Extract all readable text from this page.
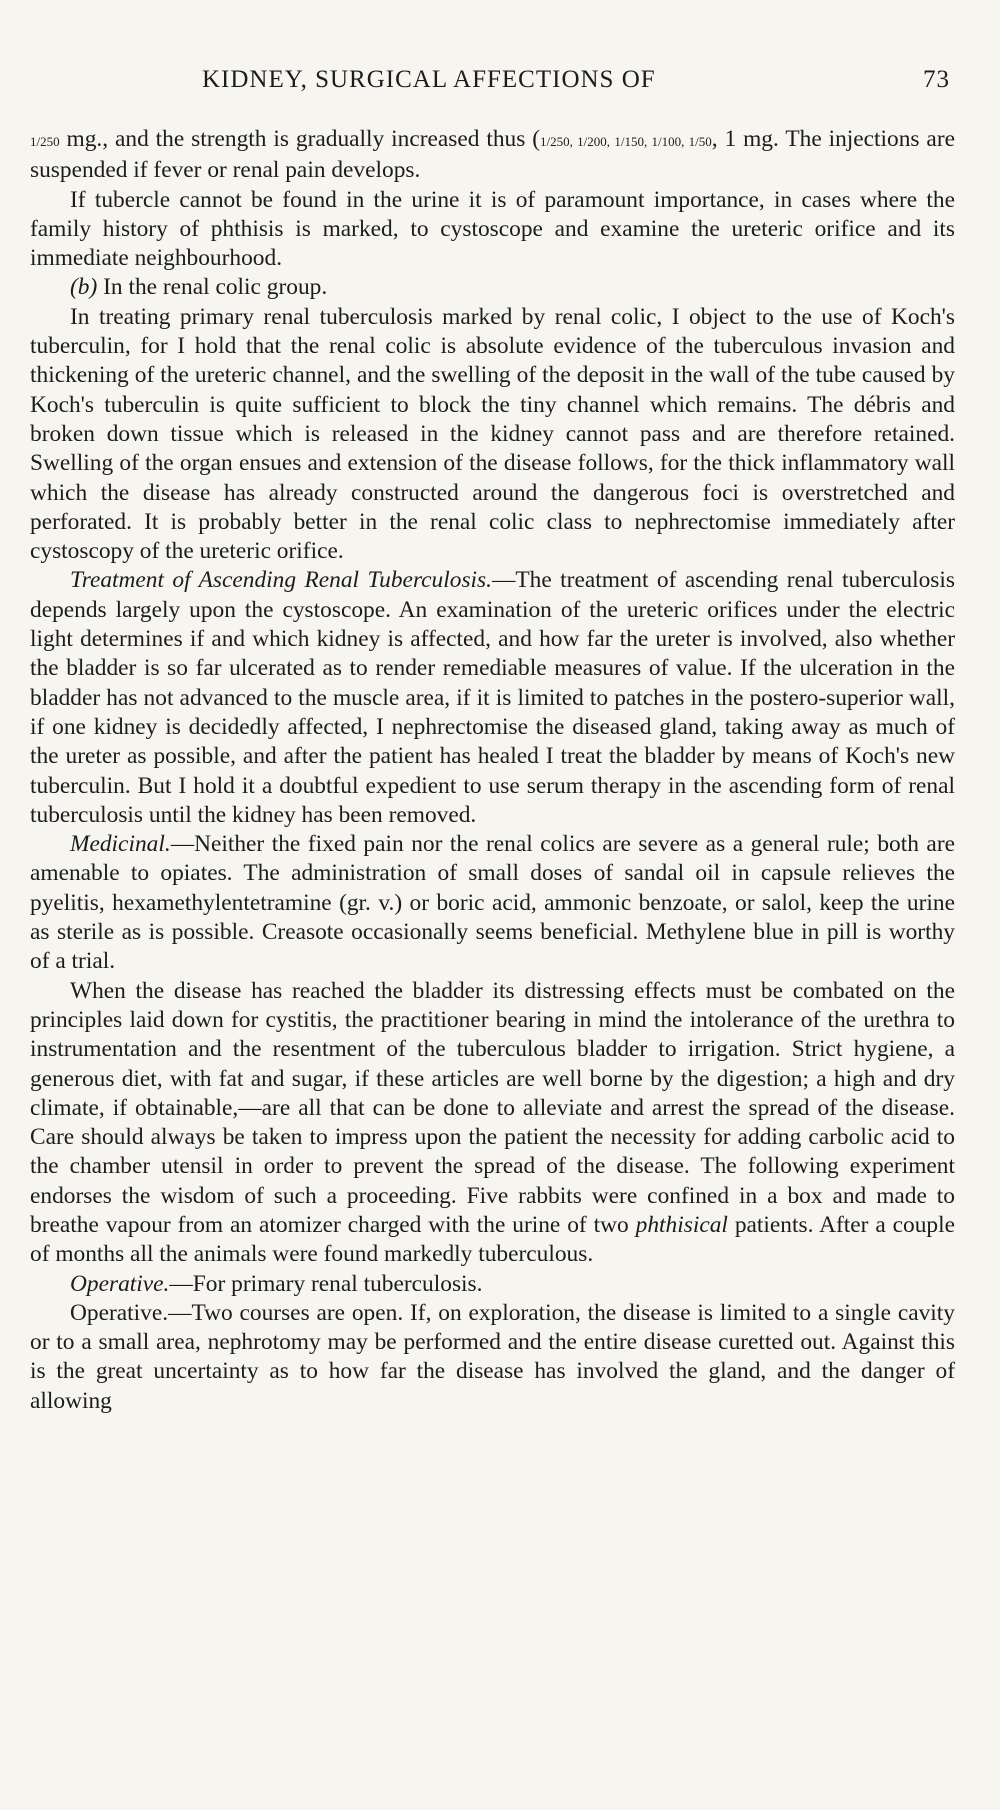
KIDNEY, SURGICAL AFFECTIONS OF	73

1/250 mg., and the strength is gradually increased thus (1/250, 1/200, 1/150, 1/100, 1/50, 1 mg. The injections are suspended if fever or renal pain develops.

If tubercle cannot be found in the urine it is of paramount importance, in cases where the family history of phthisis is marked, to cystoscope and examine the ureteric orifice and its immediate neighbourhood.

(b) In the renal colic group.

In treating primary renal tuberculosis marked by renal colic, I object to the use of Koch's tuberculin, for I hold that the renal colic is absolute evidence of the tuberculous invasion and thickening of the ureteric channel, and the swelling of the deposit in the wall of the tube caused by Koch's tuberculin is quite sufficient to block the tiny channel which remains. The débris and broken down tissue which is released in the kidney cannot pass and are therefore retained. Swelling of the organ ensues and extension of the disease follows, for the thick inflammatory wall which the disease has already constructed around the dangerous foci is overstretched and perforated. It is probably better in the renal colic class to nephrectomise immediately after cystoscopy of the ureteric orifice.

Treatment of Ascending Renal Tuberculosis.—The treatment of ascending renal tuberculosis depends largely upon the cystoscope. An examination of the ureteric orifices under the electric light determines if and which kidney is affected, and how far the ureter is involved, also whether the bladder is so far ulcerated as to render remediable measures of value. If the ulceration in the bladder has not advanced to the muscle area, if it is limited to patches in the postero-superior wall, if one kidney is decidedly affected, I nephrectomise the diseased gland, taking away as much of the ureter as possible, and after the patient has healed I treat the bladder by means of Koch's new tuberculin. But I hold it a doubtful expedient to use serum therapy in the ascending form of renal tuberculosis until the kidney has been removed.

Medicinal.—Neither the fixed pain nor the renal colics are severe as a general rule; both are amenable to opiates. The administration of small doses of sandal oil in capsule relieves the pyelitis, hexamethylentetramine (gr. v.) or boric acid, ammonic benzoate, or salol, keep the urine as sterile as is possible. Creasote occasionally seems beneficial. Methylene blue in pill is worthy of a trial.

When the disease has reached the bladder its distressing effects must be combated on the principles laid down for cystitis, the practitioner bearing in mind the intolerance of the urethra to instrumentation and the resentment of the tuberculous bladder to irrigation. Strict hygiene, a generous diet, with fat and sugar, if these articles are well borne by the digestion; a high and dry climate, if obtainable,—are all that can be done to alleviate and arrest the spread of the disease. Care should always be taken to impress upon the patient the necessity for adding carbolic acid to the chamber utensil in order to prevent the spread of the disease. The following experiment endorses the wisdom of such a proceeding. Five rabbits were confined in a box and made to breathe vapour from an atomizer charged with the urine of two phthisical patients. After a couple of months all the animals were found markedly tuberculous.

Operative.—For primary renal tuberculosis.

Operative.—Two courses are open. If, on exploration, the disease is limited to a single cavity or to a small area, nephrotomy may be performed and the entire disease curetted out. Against this is the great uncertainty as to how far the disease has involved the gland, and the danger of allowing
